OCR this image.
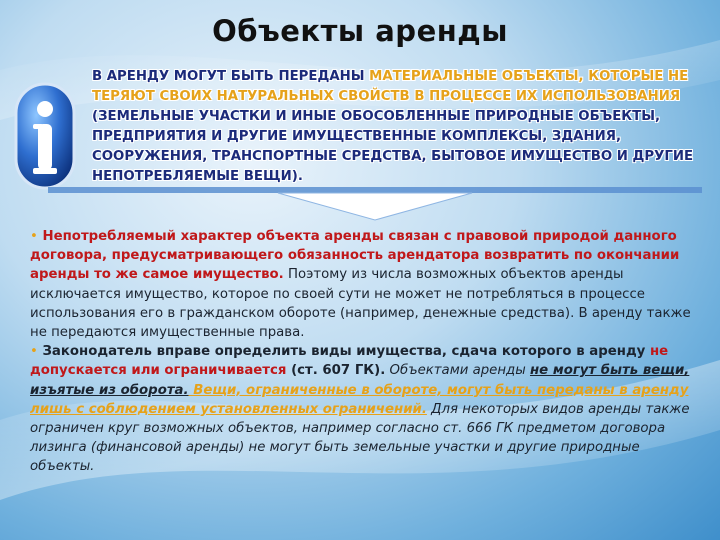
Объекты аренды
В АРЕНДУ МОГУТ БЫТЬ ПЕРЕДАНЫ МАТЕРИАЛЬНЫЕ ОБЪЕКТЫ, КОТОРЫЕ НЕ ТЕРЯЮТ СВОИХ НАТУРАЛЬНЫХ СВОЙСТВ В ПРОЦЕССЕ ИХ ИСПОЛЬЗОВАНИЯ (ЗЕМЕЛЬНЫЕ УЧАСТКИ И ИНЫЕ ОБОСОБЛЕННЫЕ ПРИРОДНЫЕ ОБЪЕКТЫ, ПРЕДПРИЯТИЯ И ДРУГИЕ ИМУЩЕСТВЕННЫЕ КОМПЛЕКСЫ, ЗДАНИЯ, СООРУЖЕНИЯ, ТРАНСПОРТНЫЕ СРЕДСТВА, БЫТОВОЕ ИМУЩЕСТВО И ДРУГИЕ НЕПОТРЕБЛЯЕМЫЕ ВЕЩИ).

• Непотребляемый характер объекта аренды связан с правовой природой данного договора, предусматривающего обязанность арендатора возвратить по окончании аренды то же самое имущество. Поэтому из числа возможных объектов аренды исключается имущество, которое по своей сути не может не потребляться в процессе использования его в гражданском обороте (например, денежные средства). В аренду также не передаются имущественные права.

• Законодатель вправе определить виды имущества, сдача которого в аренду не допускается или ограничивается (ст. 607 ГК). Объектами аренды не могут быть вещи, изъятые из оборота. Вещи, ограниченные в обороте, могут быть переданы в аренду лишь с соблюдением установленных ограничений. Для некоторых видов аренды также ограничен круг возможных объектов, например согласно ст. 666 ГК предметом договора лизинга (финансовой аренды) не могут быть земельные участки и другие природные объекты.
